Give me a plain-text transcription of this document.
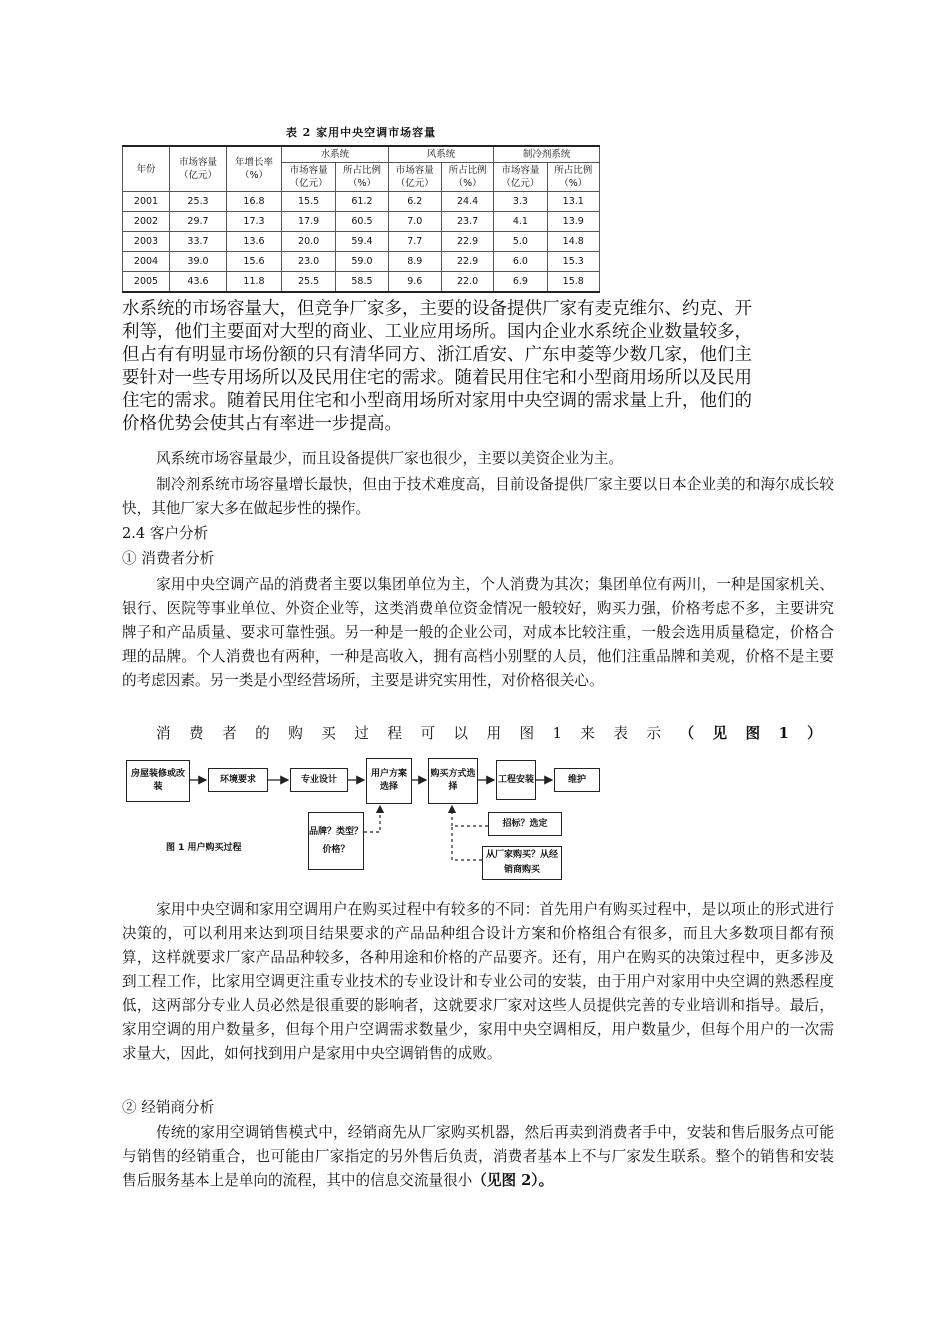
表 2 家用中央空调市场容量
年份	市场容量（亿元）	年增长率（%）	水系统		风系统		制冷剂系统	
			市场容量（亿元）	所占比例（%）	市场容量（亿元）	所占比例（%）	市场容量（亿元）	所占比例（%）
2001	25.3	16.8	15.5	61.2	6.2	24.4	3.3	13.1
2002	29.7	17.3	17.9	60.5	7.0	23.7	4.1	13.9
2003	33.7	13.6	20.0	59.4	7.7	22.9	5.0	14.8
2004	39.0	15.6	23.0	59.0	8.9	22.9	6.0	15.3
2005	43.6	11.8	25.5	58.5	9.6	22.0	6.9	15.8
水系统的市场容量大，但竞争厂家多，主要的设备提供厂家有麦克维尔、约克、开
利等，他们主要面对大型的商业、工业应用场所。国内企业水系统企业数量较多，
但占有有明显市场份额的只有清华同方、浙江盾安、广东申菱等少数几家，他们主
要针对一些专用场所以及民用住宅的需求。随着民用住宅和小型商用场所以及民用
住宅的需求。随着民用住宅和小型商用场所对家用中央空调的需求量上升，他们的
价格优势会使其占有率进一步提高。
风系统市场容量最少，而且设备提供厂家也很少，主要以美资企业为主。
制冷剂系统市场容量增长最快，但由于技术难度高，目前设备提供厂家主要以日本企业美的和海尔成长较快，其他厂家大多在做起步性的操作。
2.4 客户分析
① 消费者分析
家用中央空调产品的消费者主要以集团单位为主，个人消费为其次；集团单位有两川，一种是国家机关、银行、医院等事业单位、外资企业等，这类消费单位资金情况一般较好，购买力强，价格考虑不多，主要讲究牌子和产品质量、要求可靠性强。另一种是一般的企业公司，对成本比较注重，一般会选用质量稳定，价格合理的品牌。个人消费也有两种，一种是高收入，拥有高档小别墅的人员，他们注重品牌和美观，价格不是主要的考虑因素。另一类是小型经营场所，主要是讲究实用性，对价格很关心。
消 费 者 的 购 买 过 程 可 以 用 图 1 来 表 示 （ 见 图 1 ）
房屋装修或改装
环境要求	专业设计
用户方案选择
购买方式选择
工程安装	维护
品牌？类型？价格？
招标？选定
从厂家购买？从经销商购买
图 1 用户购买过程
家用中央空调和家用空调用户在购买过程中有较多的不同：首先用户有购买过程中，是以项止的形式进行决策的，可以利用来达到项目结果要求的产品品种组合设计方案和价格组合有很多，而且大多数项目都有预算，这样就要求厂家产品品种较多，各种用途和价格的产品要齐。还有，用户在购买的决策过程中，更多涉及到工程工作，比家用空调更注重专业技术的专业设计和专业公司的安装，由于用户对家用中央空调的熟悉程度低，这两部分专业人员必然是很重要的影响者，这就要求厂家对这些人员提供完善的专业培训和指导。最后，家用空调的用户数量多，但每个用户空调需求数量少，家用中央空调相反，用户数量少，但每个用户的一次需求量大，因此，如何找到用户是家用中央空调销售的成败。
② 经销商分析
传统的家用空调销售模式中，经销商先从厂家购买机器，然后再卖到消费者手中，安装和售后服务点可能与销售的经销重合，也可能由厂家指定的另外售后负责，消费者基本上不与厂家发生联系。整个的销售和安装售后服务基本上是单向的流程，其中的信息交流量很小（见图 2）。
